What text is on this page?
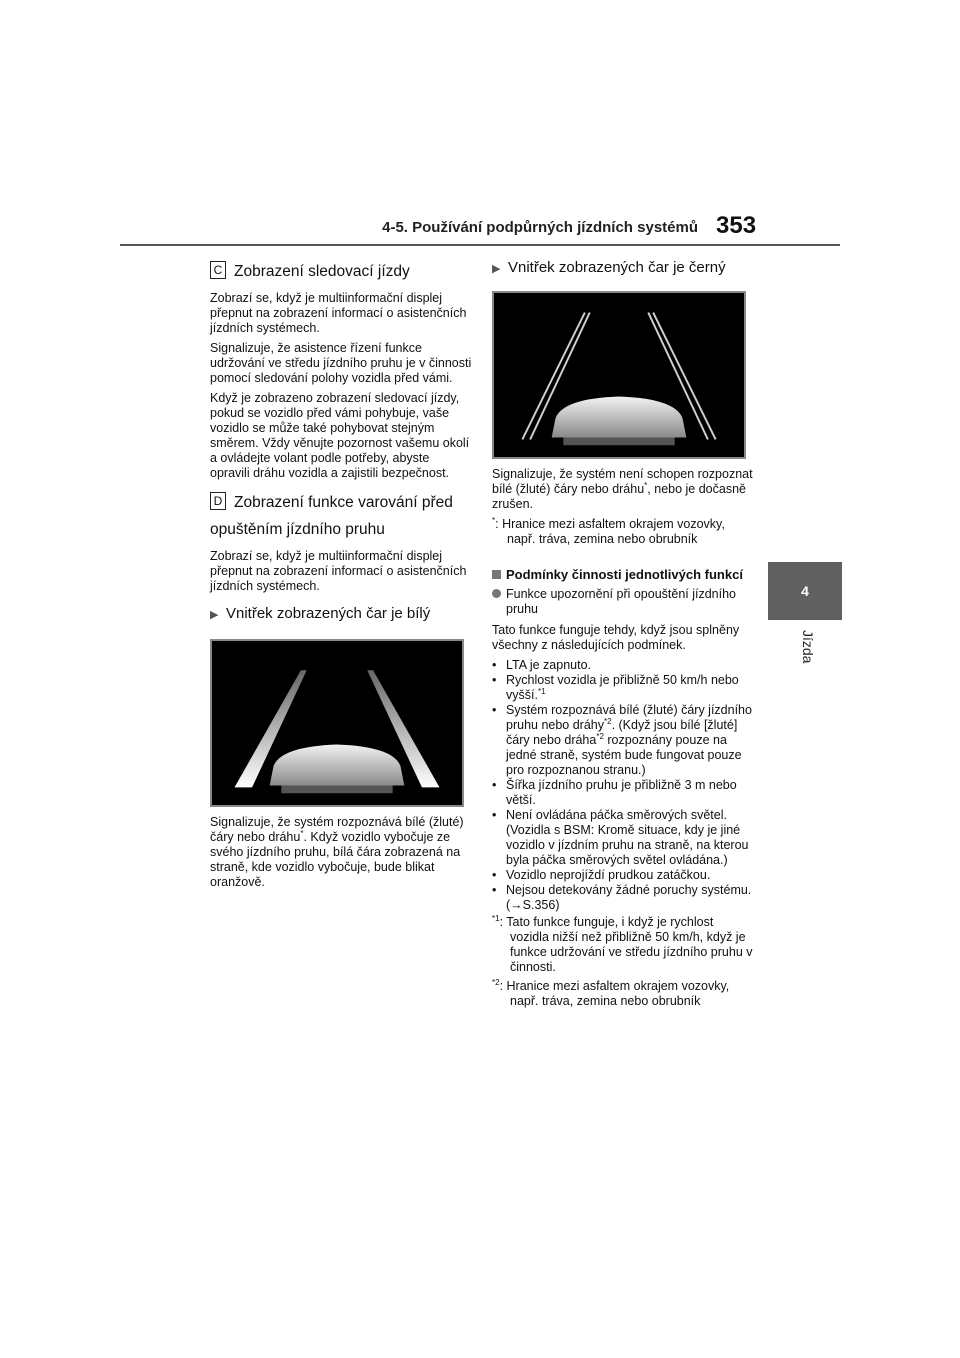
4-5. Používání podpůrných jízdních systémů 353
4
Jízda
C Zobrazení sledovací jízdy

Zobrazí se, když je multiinformační displej přepnut na zobrazení informací o asistenčních jízdních systémech.

Signalizuje, že asistence řízení funkce udržování ve středu jízdního pruhu je v činnosti pomocí sledování polohy vozidla před vámi.

Když je zobrazeno zobrazení sledovací jízdy, pokud se vozidlo před vámi pohybuje, vaše vozidlo se může také pohybovat stejným směrem. Vždy věnujte pozornost vašemu okolí a ovládejte volant podle potřeby, abyste opravili dráhu vozidla a zajistili bezpečnost.

D Zobrazení funkce varování před opuštěním jízdního pruhu

Zobrazí se, když je multiinformační displej přepnut na zobrazení informací o asistenčních jízdních systémech.

▶ Vnitřek zobrazených čar je bílý

Signalizuje, že systém rozpoznává bílé (žluté) čáry nebo dráhu*. Když vozidlo vybočuje ze svého jízdního pruhu, bílá čára zobrazená na straně, kde vozidlo vybočuje, bude blikat oranžově.

▶ Vnitřek zobrazených čar je černý

Signalizuje, že systém není schopen rozpoznat bílé (žluté) čáry nebo dráhu*, nebo je dočasně zrušen.

*: Hranice mezi asfaltem okrajem vozovky, např. tráva, zemina nebo obrubník

Podmínky činnosti jednotlivých funkcí
Funkce upozornění při opouštění jízdního pruhu

Tato funkce funguje tehdy, když jsou splněny všechny z následujících podmínek.

• LTA je zapnuto.
• Rychlost vozidla je přibližně 50 km/h nebo vyšší.$^{*1}$
• Systém rozpoznává bílé (žluté) čáry jízdního pruhu nebo dráhy$^{*2}$. (Když jsou bílé [žluté] čáry nebo dráha$^{*2}$ rozpoznány pouze na jedné straně, systém bude fungovat pouze pro rozpoznanou stranu.)
• Šířka jízdního pruhu je přibližně 3 m nebo větší.
• Není ovládána páčka směrových světel. (Vozidla s BSM: Kromě situace, kdy je jiné vozidlo v jízdním pruhu na straně, na kterou byla páčka směrových světel ovládána.)
• Vozidlo neprojíždí prudkou zatáčkou.
• Nejsou detekovány žádné poruchy systému. (→S.356)

$^{*1}$: Tato funkce funguje, i když je rychlost vozidla nižší než přibližně 50 km/h, když je funkce udržování ve středu jízdního pruhu v činnosti.

$^{*2}$: Hranice mezi asfaltem okrajem vozovky, např. tráva, zemina nebo obrubník
